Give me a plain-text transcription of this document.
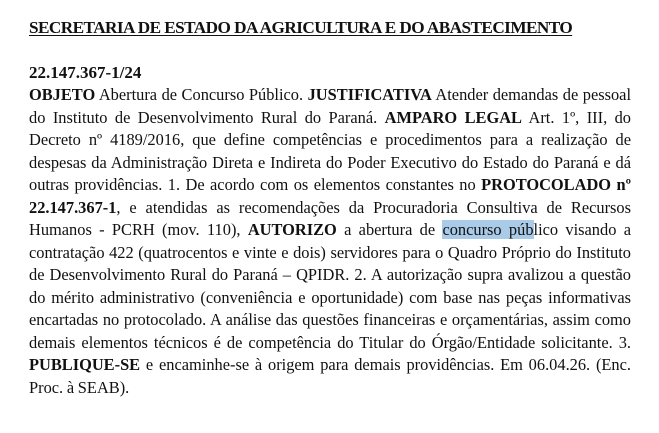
SECRETARIA DE ESTADO DA AGRICULTURA E DO ABASTECIMENTO
22.147.367-1/24
OBJETO Abertura de Concurso Público. JUSTIFICATIVA Atender demandas de pessoal do Instituto de Desenvolvimento Rural do Paraná. AMPARO LEGAL Art. 1º, III, do Decreto nº 4189/2016, que define competências e procedimentos para a realização de despesas da Administração Direta e Indireta do Poder Executivo do Estado do Paraná e dá outras providências. 1. De acordo com os elementos constantes no PROTOCOLADO nº 22.147.367-1, e atendidas as recomendações da Procuradoria Consultiva de Recursos Humanos - PCRH (mov. 110), AUTORIZO a abertura de concurso público visando a contratação 422 (quatrocentos e vinte e dois) servidores para o Quadro Próprio do Instituto de Desenvolvimento Rural do Paraná – QPIDR. 2. A autorização supra avalizou a questão do mérito administrativo (conveniência e oportunidade) com base nas peças informativas encartadas no protocolado. A análise das questões financeiras e orçamentárias, assim como demais elementos técnicos é de competência do Titular do Órgão/Entidade solicitante. 3. PUBLIQUE-SE e encaminhe-se à origem para demais providências. Em 06.04.26. (Enc. Proc. à SEAB).
